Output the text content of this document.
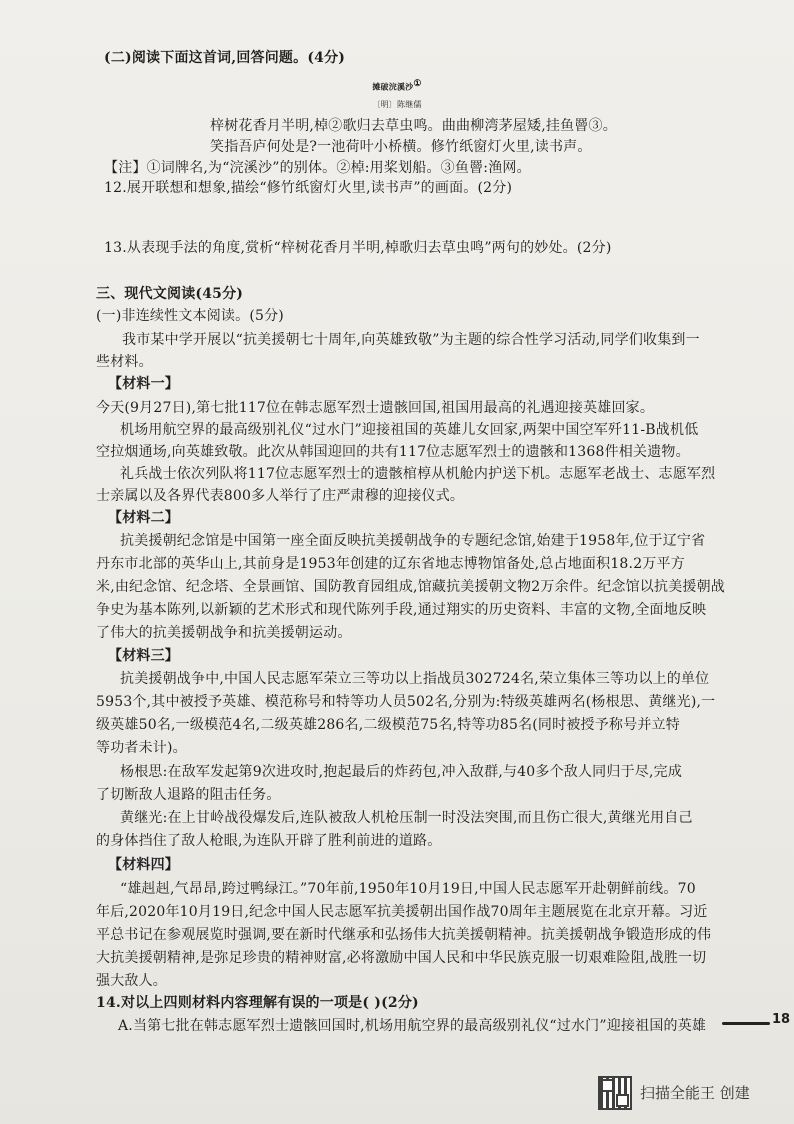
(二)阅读下面这首词,回答问题。(4分)
摊破浣溪沙①
〔明〕陈继儒
梓树花香月半明,棹②歌归去草虫鸣。曲曲柳湾茅屋矮,挂鱼罾③。
笑指吾庐何处是?一池荷叶小桥横。修竹纸窗灯火里,读书声。
【注】①词牌名,为“浣溪沙”的别体。②棹:用桨划船。③鱼罾:渔网。
12.展开联想和想象,描绘“修竹纸窗灯火里,读书声”的画面。(2分)
13.从表现手法的角度,赏析“梓树花香月半明,棹歌归去草虫鸣”两句的妙处。(2分)
三、现代文阅读(45分)
(一)非连续性文本阅读。(5分)
我市某中学开展以“抗美援朝七十周年,向英雄致敬”为主题的综合性学习活动,同学们收集到一
些材料。
【材料一】
今天(9月27日),第七批117位在韩志愿军烈士遗骸回国,祖国用最高的礼遇迎接英雄回家。
机场用航空界的最高级别礼仪“过水门”迎接祖国的英雄儿女回家,两架中国空军歼11-B战机低
空拉烟通场,向英雄致敬。此次从韩国迎回的共有117位志愿军烈士的遗骸和1368件相关遗物。
礼兵战士依次列队将117位志愿军烈士的遗骸棺椁从机舱内护送下机。志愿军老战士、志愿军烈
士亲属以及各界代表800多人举行了庄严肃穆的迎接仪式。
【材料二】
抗美援朝纪念馆是中国第一座全面反映抗美援朝战争的专题纪念馆,始建于1958年,位于辽宁省
丹东市北部的英华山上,其前身是1953年创建的辽东省地志博物馆备处,总占地面积18.2万平方
米,由纪念馆、纪念塔、全景画馆、国防教育园组成,馆藏抗美援朝文物2万余件。纪念馆以抗美援朝战
争史为基本陈列,以新颖的艺术形式和现代陈列手段,通过翔实的历史资料、丰富的文物,全面地反映
了伟大的抗美援朝战争和抗美援朝运动。
【材料三】
抗美援朝战争中,中国人民志愿军荣立三等功以上指战员302724名,荣立集体三等功以上的单位
5953个,其中被授予英雄、模范称号和特等功人员502名,分别为:特级英雄两名(杨根思、黄继光),一
级英雄50名,一级模范4名,二级英雄286名,二级模范75名,特等功85名(同时被授予称号并立特
等功者未计)。
杨根思:在敌军发起第9次进攻时,抱起最后的炸药包,冲入敌群,与40多个敌人同归于尽,完成
了切断敌人退路的阻击任务。
黄继光:在上甘岭战役爆发后,连队被敌人机枪压制一时没法突围,而且伤亡很大,黄继光用自己
的身体挡住了敌人枪眼,为连队开辟了胜利前进的道路。
【材料四】
“雄赳赳,气昂昂,跨过鸭绿江。”70年前,1950年10月19日,中国人民志愿军开赴朝鲜前线。70
年后,2020年10月19日,纪念中国人民志愿军抗美援朝出国作战70周年主题展览在北京开幕。习近
平总书记在参观展览时强调,要在新时代继承和弘扬伟大抗美援朝精神。抗美援朝战争锻造形成的伟
大抗美援朝精神,是弥足珍贵的精神财富,必将激励中国人民和中华民族克服一切艰难险阻,战胜一切
强大敌人。
14.对以上四则材料内容理解有误的一项是( )(2分)
A.当第七批在韩志愿军烈士遗骸回国时,机场用航空界的最高级别礼仪“过水门”迎接祖国的英雄	18
扫描全能王 创建
